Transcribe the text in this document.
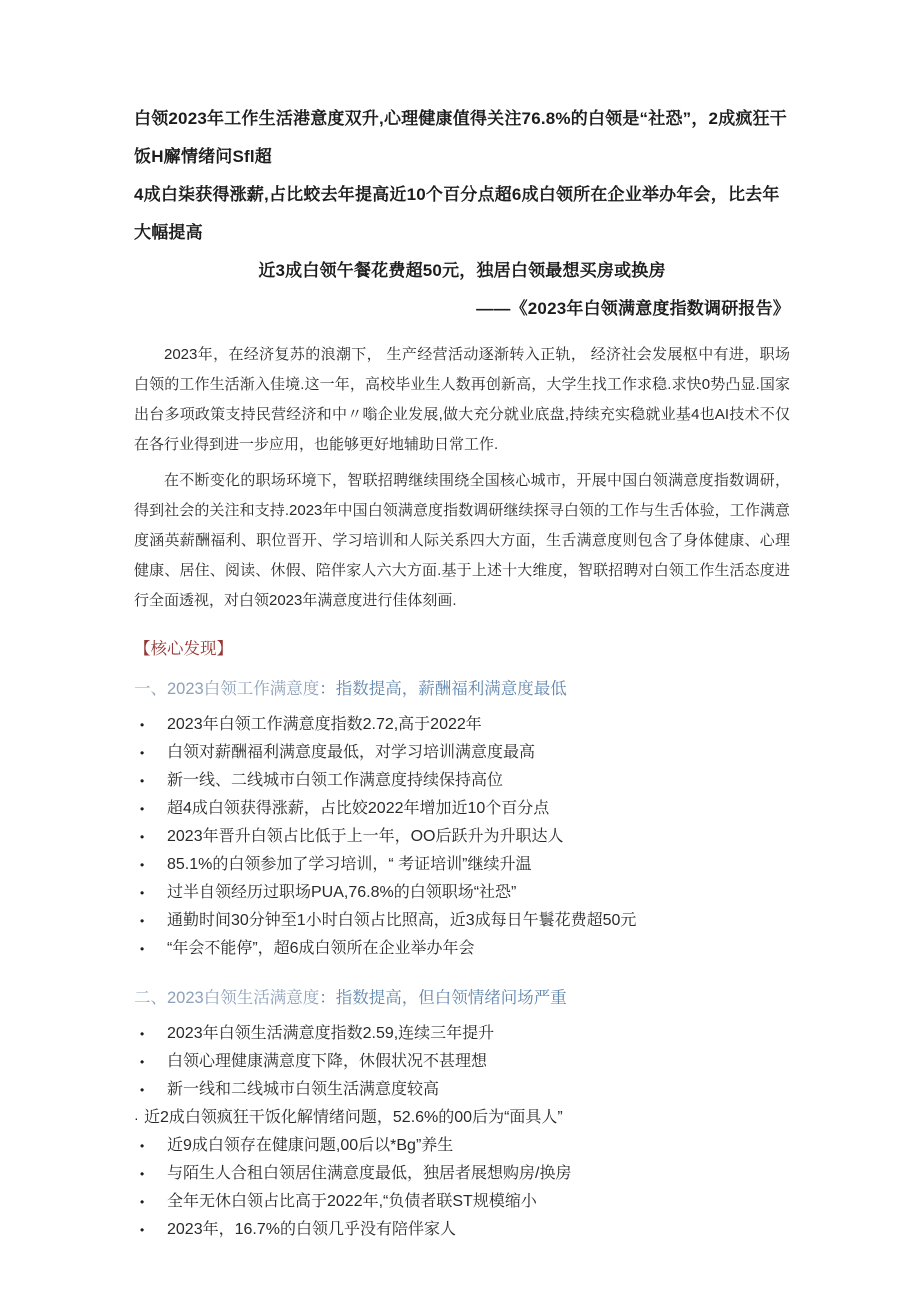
白领2023年工作生活港意度双升,心理健康值得关注76.8%的白领是“社恐”，2成疯狂干饭H廨情绪问Sfl超
4成白柒获得涨薪,占比蛟去年提高近10个百分点超6成白领所在企业举办年会，比去年大幅提高
近3成白领午餐花费超50元，独居白领最想买房或换房
——《2023年白领满意度指数调研报告》

2023年，在经济复苏的浪潮下， 生产经营活动逐渐转入正轨， 经济社会发展枢中有进，职场白领的工作生活渐入佳境.这一年，高校毕业生人数再创新高，大学生找工作求稳.求快0势凸显.国家出台多项政策支持民营经济和中〃嗡企业发展,做大充分就业底盘,持续充实稳就业基4也AI技术不仅在各行业得到进一步应用，也能够更好地辅助日常工作.

在不断变化的职场环境下，智联招聘继续围绕全国核心城市，开展中国白领满意度指数调研，得到社会的关注和支持.2023年中国白领满意度指数调研继续探寻白领的工作与生舌体验，工作满意度涵英薪酬福利、职位晋开、学习培训和人际关系四大方面，生舌满意度则包含了身体健康、心理健康、居住、阅读、休假、陪伴家人六大方面.基于上述十大维度，智联招聘对白领工作生活态度进行全面透视，对白领2023年满意度进行佳体刻画.

【核心发现】
一、2023白领工作满意度：指数提高，薪酬福利满意度最低
• 2023年白领工作满意度指数2.72,高于2022年
• 白领对薪酬福利满意度最低，对学习培训满意度最高
• 新一线、二线城市白领工作满意度持续保持高位
• 超4成白领获得涨薪，占比姣2022年增加近10个百分点
• 2023年晋升白领占比低于上一年，OO后跃升为升职达人
• 85.1%的白领参加了学习培训，“ 考证培训”继续升温
• 过半自领经历过职场PUA,76.8%的白领职场“社恐”
• 通勤时间30分钟至1小时白领占比照高，近3成每日午鬟花费超50元
• “年会不能停”，超6成白领所在企业举办年会
二、2023白领生活满意度：指数提高，但白领情绪问场严重
• 2023年白领生活满意度指数2.59,连续三年提升
• 白领心理健康满意度下降，休假状况不甚理想
• 新一线和二线城市白领生活满意度较高
· 近2成白领疯狂干饭化解情绪问题，52.6%的00后为“面具人”
• 近9成白领存在健康问题,00后以*Bg”养生
• 与陌生人合租白领居住满意度最低，独居者展想购房/换房
• 全年无休白领占比高于2022年,“负债者联ST规模缩小
• 2023年，16.7%的白领几乎没有陪伴家人
